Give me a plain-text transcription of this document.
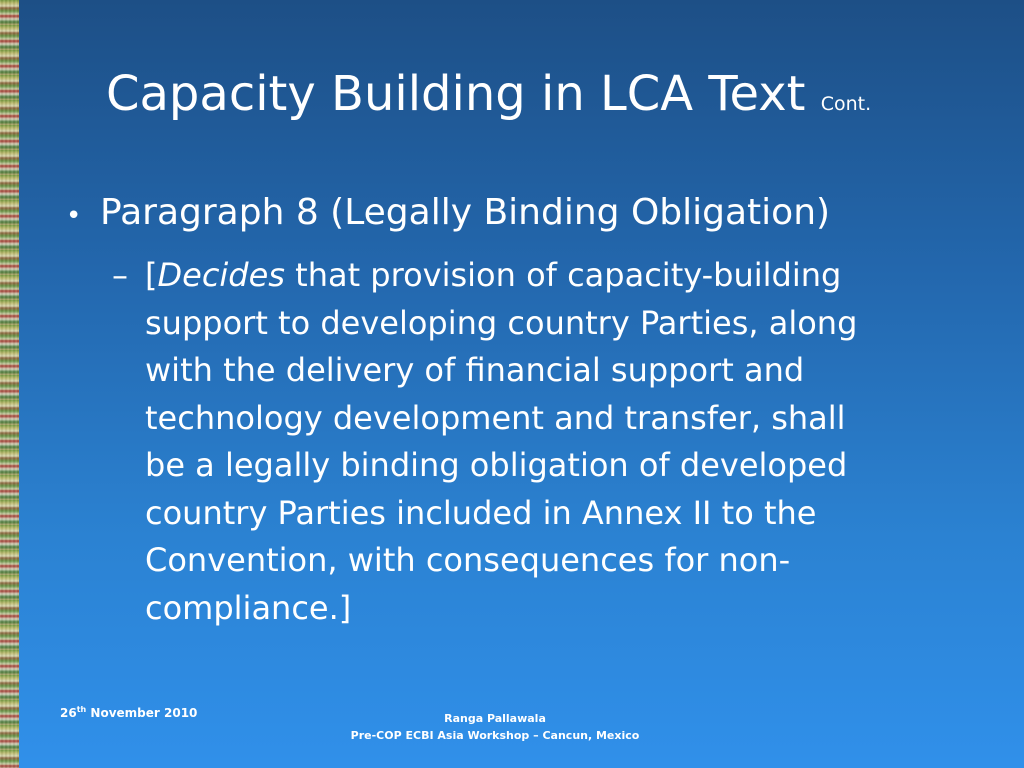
Capacity Building in LCA Text Cont.
• Paragraph 8 (Legally Binding Obligation)
– [Decides that provision of capacity-building
support to developing country Parties, along
with the delivery of financial support and
technology development and transfer, shall
be a legally binding obligation of developed
country Parties included in Annex II to the
Convention, with consequences for non-
compliance.]
26th November 2010	Ranga Pallawala
Pre-COP ECBI Asia Workshop – Cancun, Mexico
